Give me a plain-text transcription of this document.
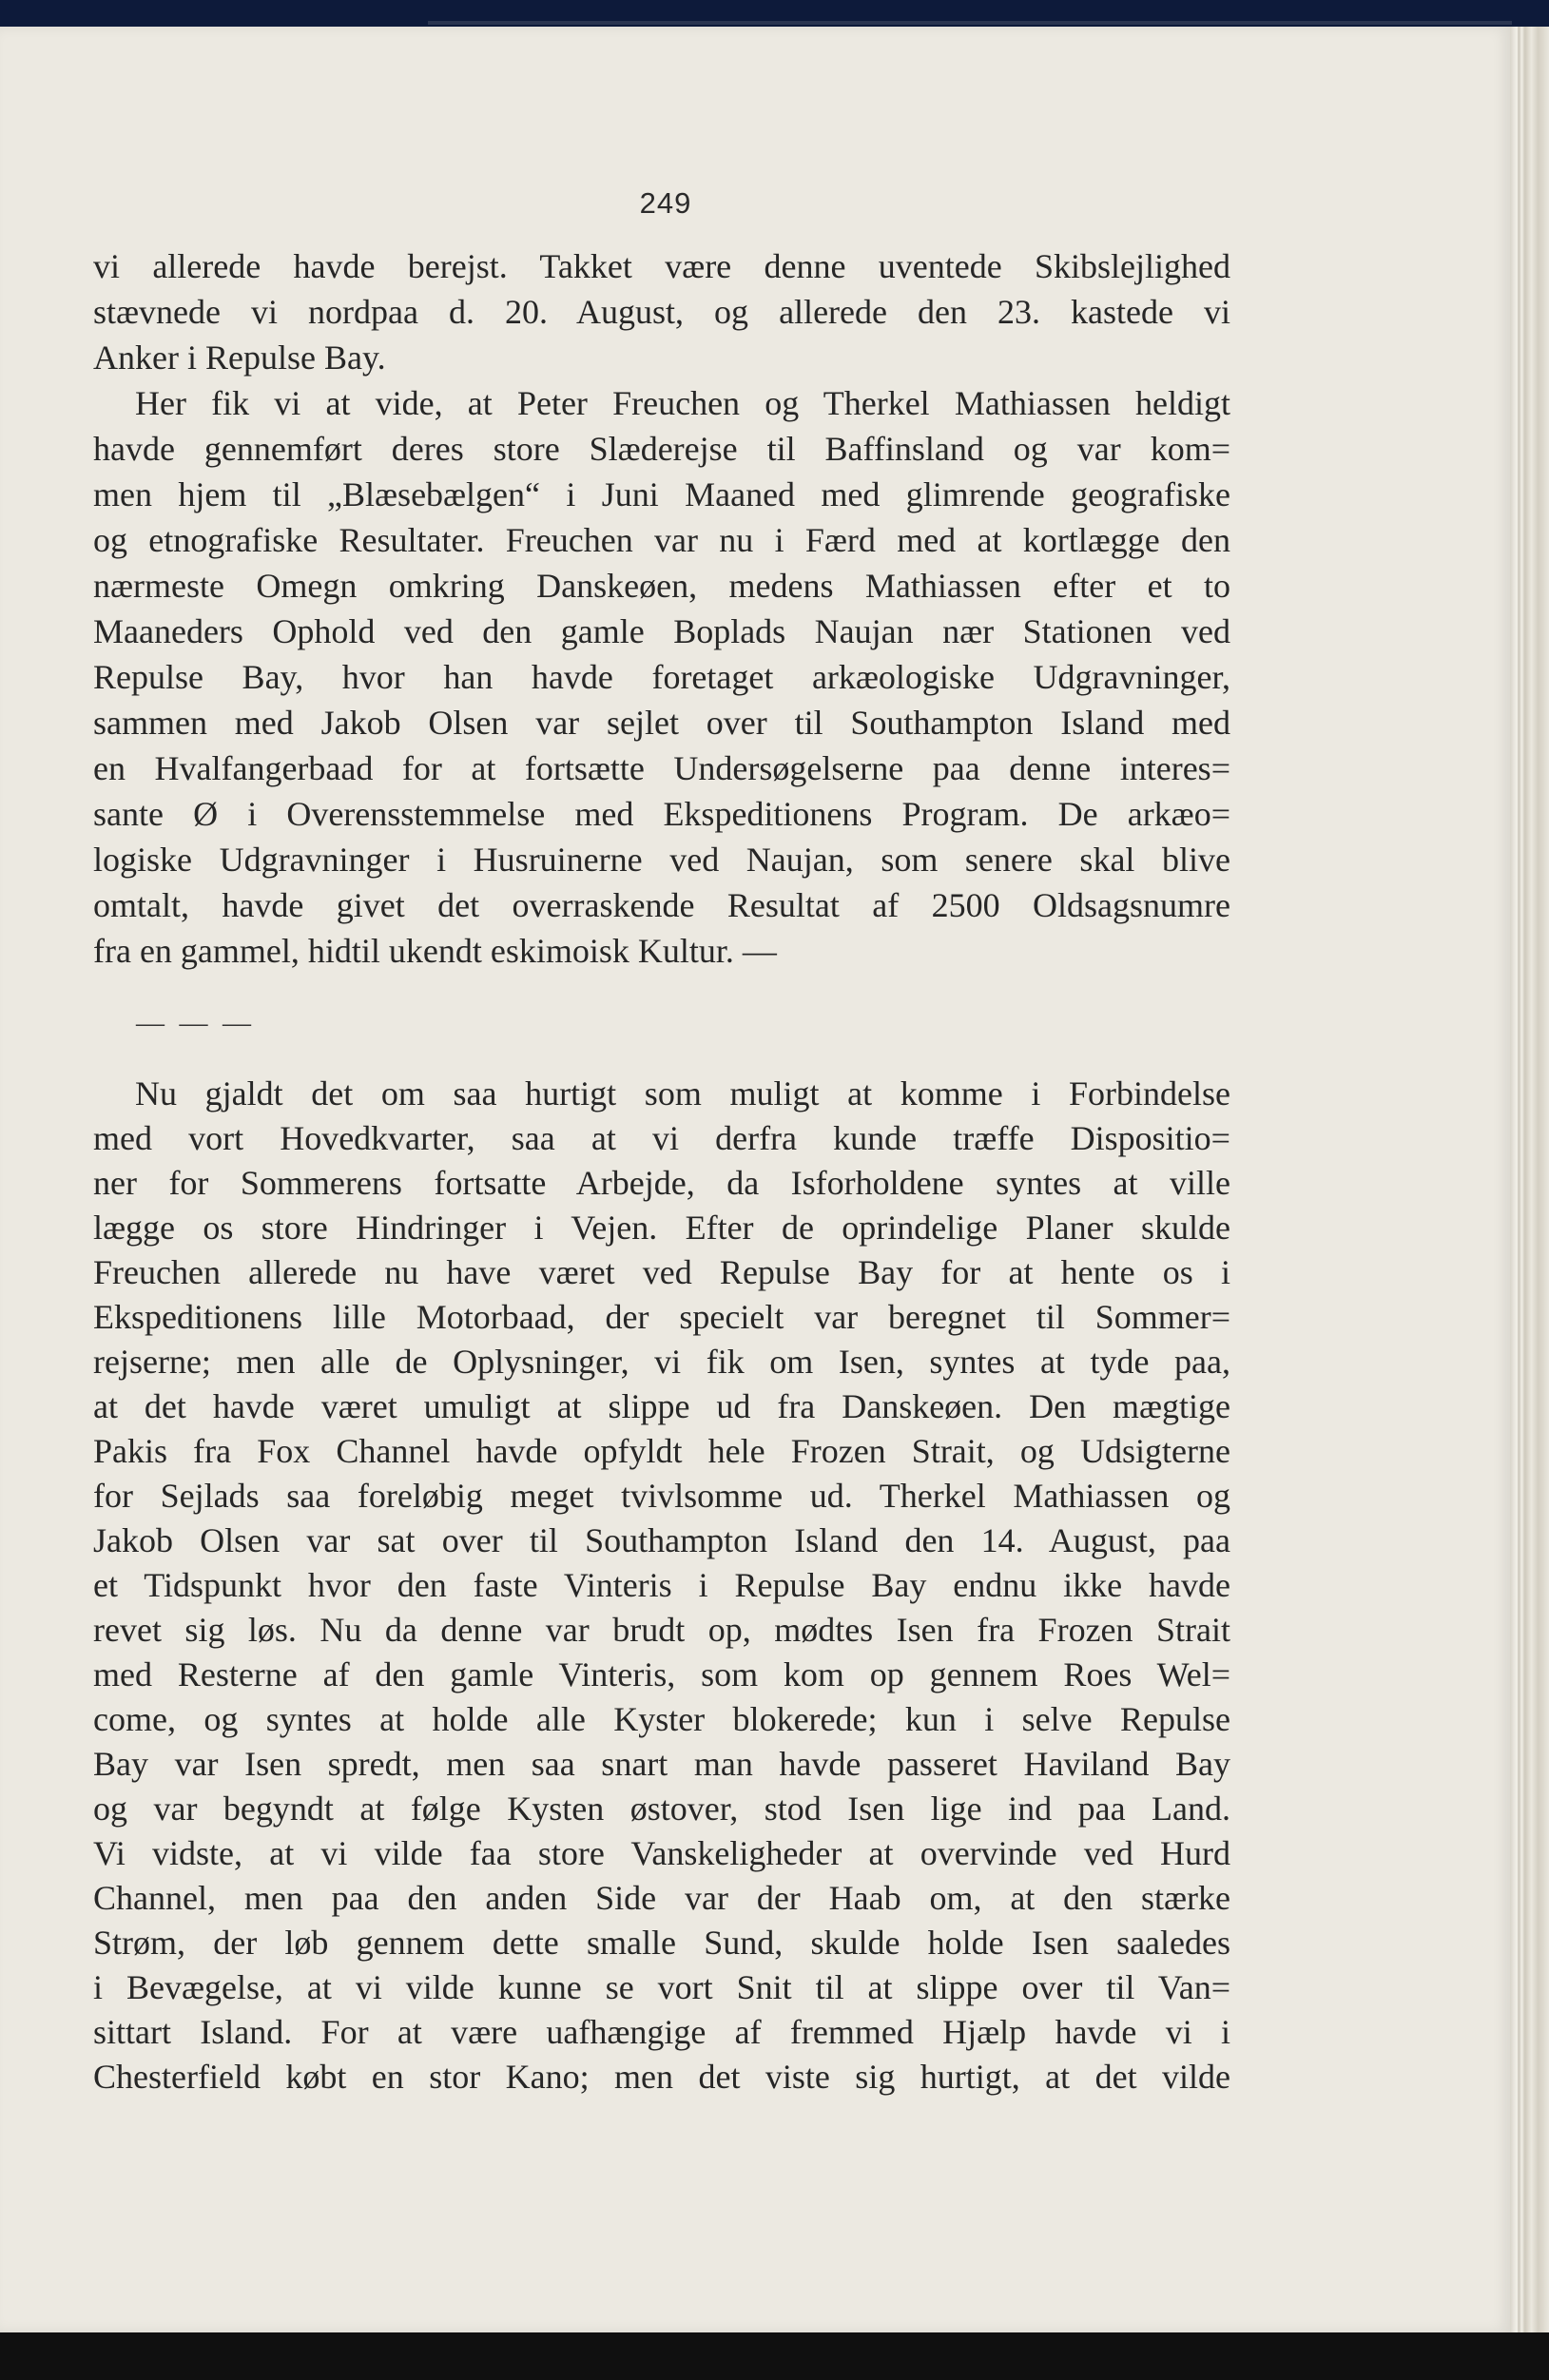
249
vi allerede havde berejst. Takket være denne uventede Skibslejlighed
stævnede vi nordpaa d. 20. August, og allerede den 23. kastede vi
Anker i Repulse Bay.
Her fik vi at vide, at Peter Freuchen og Therkel Mathiassen heldigt
havde gennemført deres store Slæderejse til Baffinsland og var kom=
men hjem til „Blæsebælgen“ i Juni Maaned med glimrende geografiske
og etnografiske Resultater. Freuchen var nu i Færd med at kortlægge den
nærmeste Omegn omkring Danskeøen, medens Mathiassen efter et to
Maaneders Ophold ved den gamle Boplads Naujan nær Stationen ved
Repulse Bay, hvor han havde foretaget arkæologiske Udgravninger,
sammen med Jakob Olsen var sejlet over til Southampton Island med
en Hvalfangerbaad for at fortsætte Undersøgelserne paa denne interes=
sante Ø i Overensstemmelse med Ekspeditionens Program. De arkæo=
logiske Udgravninger i Husruinerne ved Naujan, som senere skal blive
omtalt, havde givet det overraskende Resultat af 2500 Oldsagsnumre
fra en gammel, hidtil ukendt eskimoisk Kultur. —
Nu gjaldt det om saa hurtigt som muligt at komme i Forbindelse
med vort Hovedkvarter, saa at vi derfra kunde træffe Dispositio=
ner for Sommerens fortsatte Arbejde, da Isforholdene syntes at ville
lægge os store Hindringer i Vejen. Efter de oprindelige Planer skulde
Freuchen allerede nu have været ved Repulse Bay for at hente os i
Ekspeditionens lille Motorbaad, der specielt var beregnet til Sommer=
rejserne; men alle de Oplysninger, vi fik om Isen, syntes at tyde paa,
at det havde været umuligt at slippe ud fra Danskeøen. Den mægtige
Pakis fra Fox Channel havde opfyldt hele Frozen Strait, og Udsigterne
for Sejlads saa foreløbig meget tvivlsomme ud. Therkel Mathiassen og
Jakob Olsen var sat over til Southampton Island den 14. August, paa
et Tidspunkt hvor den faste Vinteris i Repulse Bay endnu ikke havde
revet sig løs. Nu da denne var brudt op, mødtes Isen fra Frozen Strait
med Resterne af den gamle Vinteris, som kom op gennem Roes Wel=
come, og syntes at holde alle Kyster blokerede; kun i selve Repulse
Bay var Isen spredt, men saa snart man havde passeret Haviland Bay
og var begyndt at følge Kysten østover, stod Isen lige ind paa Land.
Vi vidste, at vi vilde faa store Vanskeligheder at overvinde ved Hurd
Channel, men paa den anden Side var der Haab om, at den stærke
Strøm, der løb gennem dette smalle Sund, skulde holde Isen saaledes
i Bevægelse, at vi vilde kunne se vort Snit til at slippe over til Van=
sittart Island. For at være uafhængige af fremmed Hjælp havde vi i
Chesterfield købt en stor Kano; men det viste sig hurtigt, at det vilde
— — —
